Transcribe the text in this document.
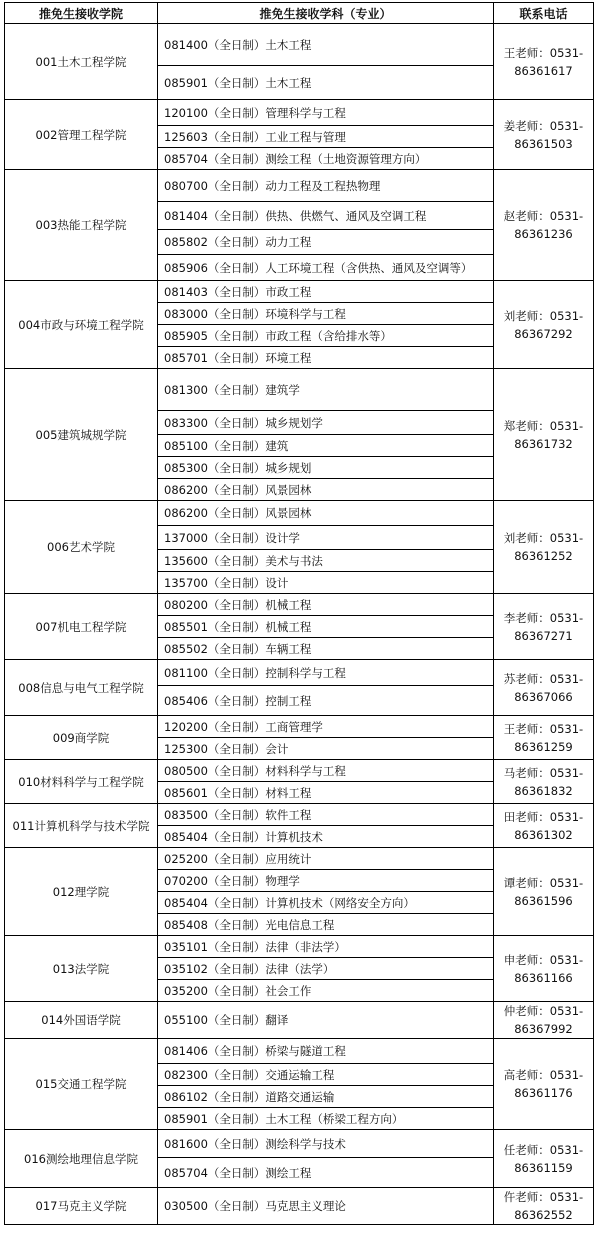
推免生接收学院	推免生接收学科（专业）	联系电话
001土木工程学院	081400（全日制）土木工程	王老师：0531-
86361617

	085901（全日制）土木工程	
002管理工程学院	120100（全日制）管理科学与工程	姜老师：0531-
86361503

	125603（全日制）工业工程与管理	
	085704（全日制）测绘工程（土地资源管理方向）	
003热能工程学院	080700（全日制）动力工程及工程热物理	赵老师：0531-
86361236

	081404（全日制）供热、供燃气、通风及空调工程	
	085802（全日制）动力工程	
	085906（全日制）人工环境工程（含供热、通风及空调等）	
004市政与环境工程学院	081403（全日制）市政工程	刘老师：0531-
86367292

	083000（全日制）环境科学与工程	
	085905（全日制）市政工程（含给排水等）	
	085701（全日制）环境工程	
005建筑城规学院	081300（全日制）建筑学	郑老师：0531-
86361732

	083300（全日制）城乡规划学	
	085100（全日制）建筑	
	085300（全日制）城乡规划	
	086200（全日制）风景园林	
006艺术学院	086200（全日制）风景园林	刘老师：0531-
86361252

	137000（全日制）设计学	
	135600（全日制）美术与书法	
	135700（全日制）设计	
007机电工程学院	080200（全日制）机械工程	李老师：0531-
86367271

	085501（全日制）机械工程	
	085502（全日制）车辆工程	
008信息与电气工程学院	081100（全日制）控制科学与工程	苏老师：0531-
86367066

	085406（全日制）控制工程	
009商学院	120200（全日制）工商管理学	王老师：0531-
86361259

	125300（全日制）会计	
010材料科学与工程学院	080500（全日制）材料科学与工程	马老师：0531-
86361832

	085601（全日制）材料工程	
011计算机科学与技术学院	083500（全日制）软件工程	田老师：0531-
86361302

	085404（全日制）计算机技术	
012理学院	025200（全日制）应用统计	谭老师：0531-
86361596

	070200（全日制）物理学	
	085404（全日制）计算机技术（网络安全方向）	
	085408（全日制）光电信息工程	
013法学院	035101（全日制）法律（非法学）	申老师：0531-
86361166

	035102（全日制）法律（法学）	
	035200（全日制）社会工作	
014外国语学院	055100（全日制）翻译	仲老师：0531-
86367992

015交通工程学院	081406（全日制）桥梁与隧道工程	高老师：0531-
86361176

	082300（全日制）交通运输工程	
	086102（全日制）道路交通运输	
	085901（全日制）土木工程（桥梁工程方向）	
016测绘地理信息学院	081600（全日制）测绘科学与技术	任老师：0531-
86361159

	085704（全日制）测绘工程	
017马克主义学院	030500（全日制）马克思主义理论	仵老师：0531-
86362552
